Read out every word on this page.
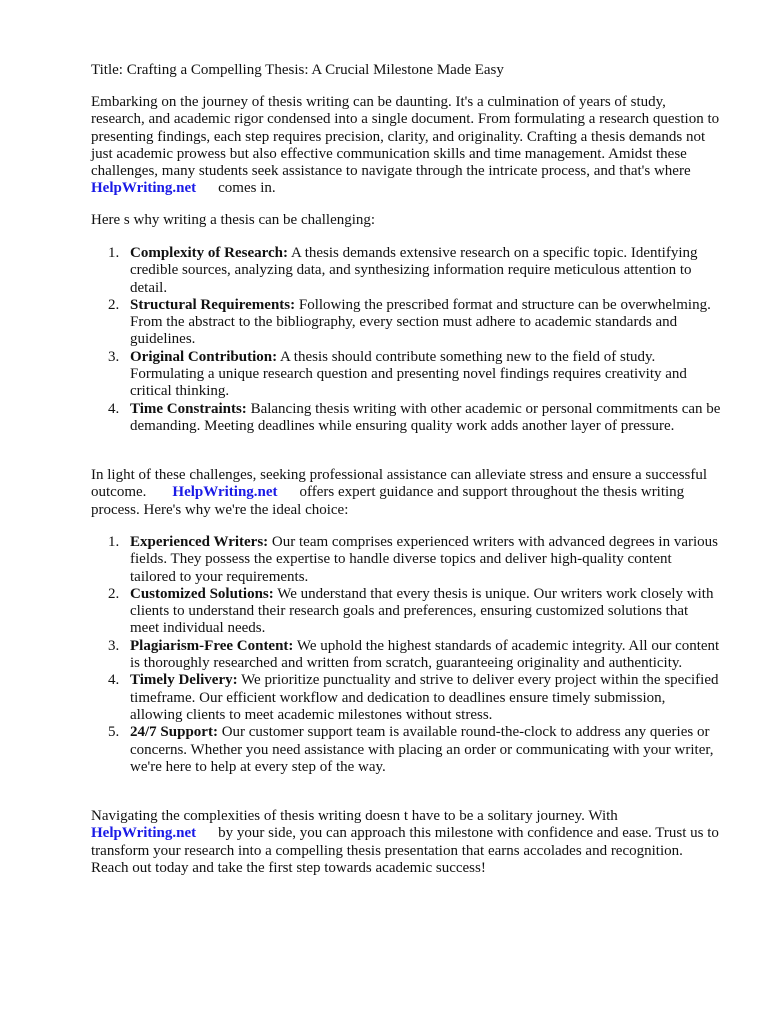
Title: Crafting a Compelling Thesis: A Crucial Milestone Made Easy

Embarking on the journey of thesis writing can be daunting. It's a culmination of years of study, research, and academic rigor condensed into a single document. From formulating a research question to presenting findings, each step requires precision, clarity, and originality. Crafting a thesis demands not just academic prowess but also effective communication skills and time management. Amidst these challenges, many students seek assistance to navigate through the intricate process, and that's whereHelpWriting.net comes in.

Here s why writing a thesis can be challenging:

1. Complexity of Research: A thesis demands extensive research on a specific topic. Identifying credible sources, analyzing data, and synthesizing information require meticulous attention to detail.
2. Structural Requirements: Following the prescribed format and structure can be overwhelming. From the abstract to the bibliography, every section must adhere to academic standards and guidelines.
3. Original Contribution: A thesis should contribute something new to the field of study. Formulating a unique research question and presenting novel findings requires creativity and critical thinking.
4. Time Constraints: Balancing thesis writing with other academic or personal commitments can be demanding. Meeting deadlines while ensuring quality work adds another layer of pressure.

In light of these challenges, seeking professional assistance can alleviate stress and ensure a successful outcome. HelpWriting.net offers expert guidance and support throughout the thesis writing process. Here's why we're the ideal choice:

1. Experienced Writers: Our team comprises experienced writers with advanced degrees in various fields. They possess the expertise to handle diverse topics and deliver high-quality content tailored to your requirements.
2. Customized Solutions: We understand that every thesis is unique. Our writers work closely with clients to understand their research goals and preferences, ensuring customized solutions that meet individual needs.
3. Plagiarism-Free Content: We uphold the highest standards of academic integrity. All our content is thoroughly researched and written from scratch, guaranteeing originality and authenticity.
4. Timely Delivery: We prioritize punctuality and strive to deliver every project within the specified timeframe. Our efficient workflow and dedication to deadlines ensure timely submission, allowing clients to meet academic milestones without stress.
5. 24/7 Support: Our customer support team is available round-the-clock to address any queries or concerns. Whether you need assistance with placing an order or communicating with your writer, we're here to help at every step of the way.

Navigating the complexities of thesis writing doesn t have to be a solitary journey. With
HelpWriting.net by your side, you can approach this milestone with confidence and ease. Trust us to transform your research into a compelling thesis presentation that earns accolades and recognition. Reach out today and take the first step towards academic success!
